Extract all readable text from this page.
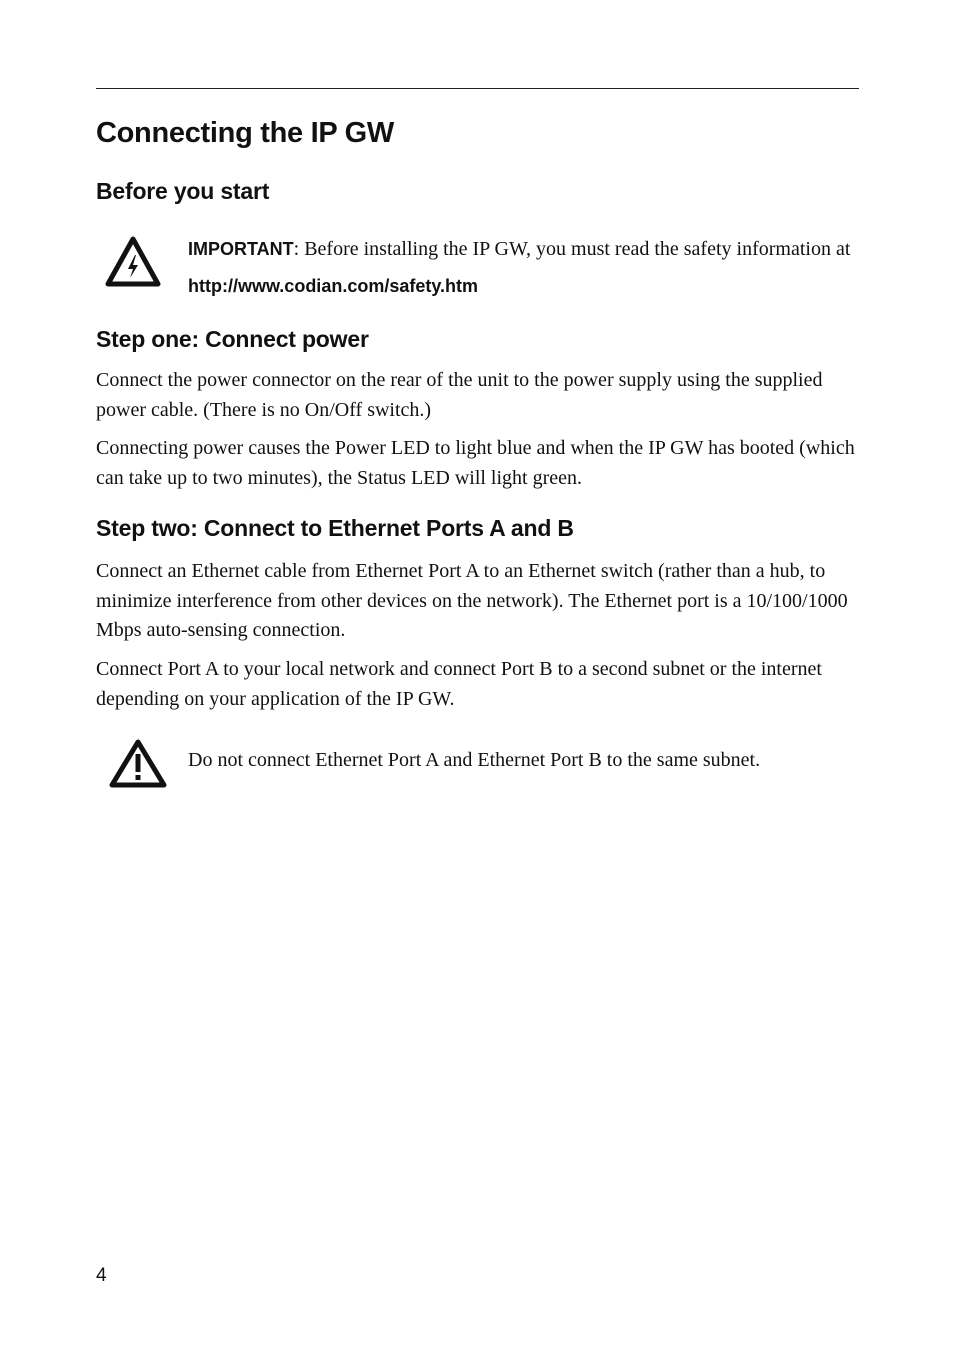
Connecting the IP GW
Before you start
IMPORTANT: Before installing the IP GW, you must read the safety information at http://www.codian.com/safety.htm
Step one: Connect power

Connect the power connector on the rear of the unit to the power supply using the supplied power cable. (There is no On/Off switch.)

Connecting power causes the Power LED to light blue and when the IP GW has booted (which can take up to two minutes), the Status LED will light green.

Step two: Connect to Ethernet Ports A and B

Connect an Ethernet cable from Ethernet Port A to an Ethernet switch (rather than a hub, to minimize interference from other devices on the network). The Ethernet port is a 10/100/1000 Mbps auto-sensing connection.

Connect Port A to your local network and connect Port B to a second subnet or the internet depending on your application of the IP GW.

Do not connect Ethernet Port A and Ethernet Port B to the same subnet.
4
